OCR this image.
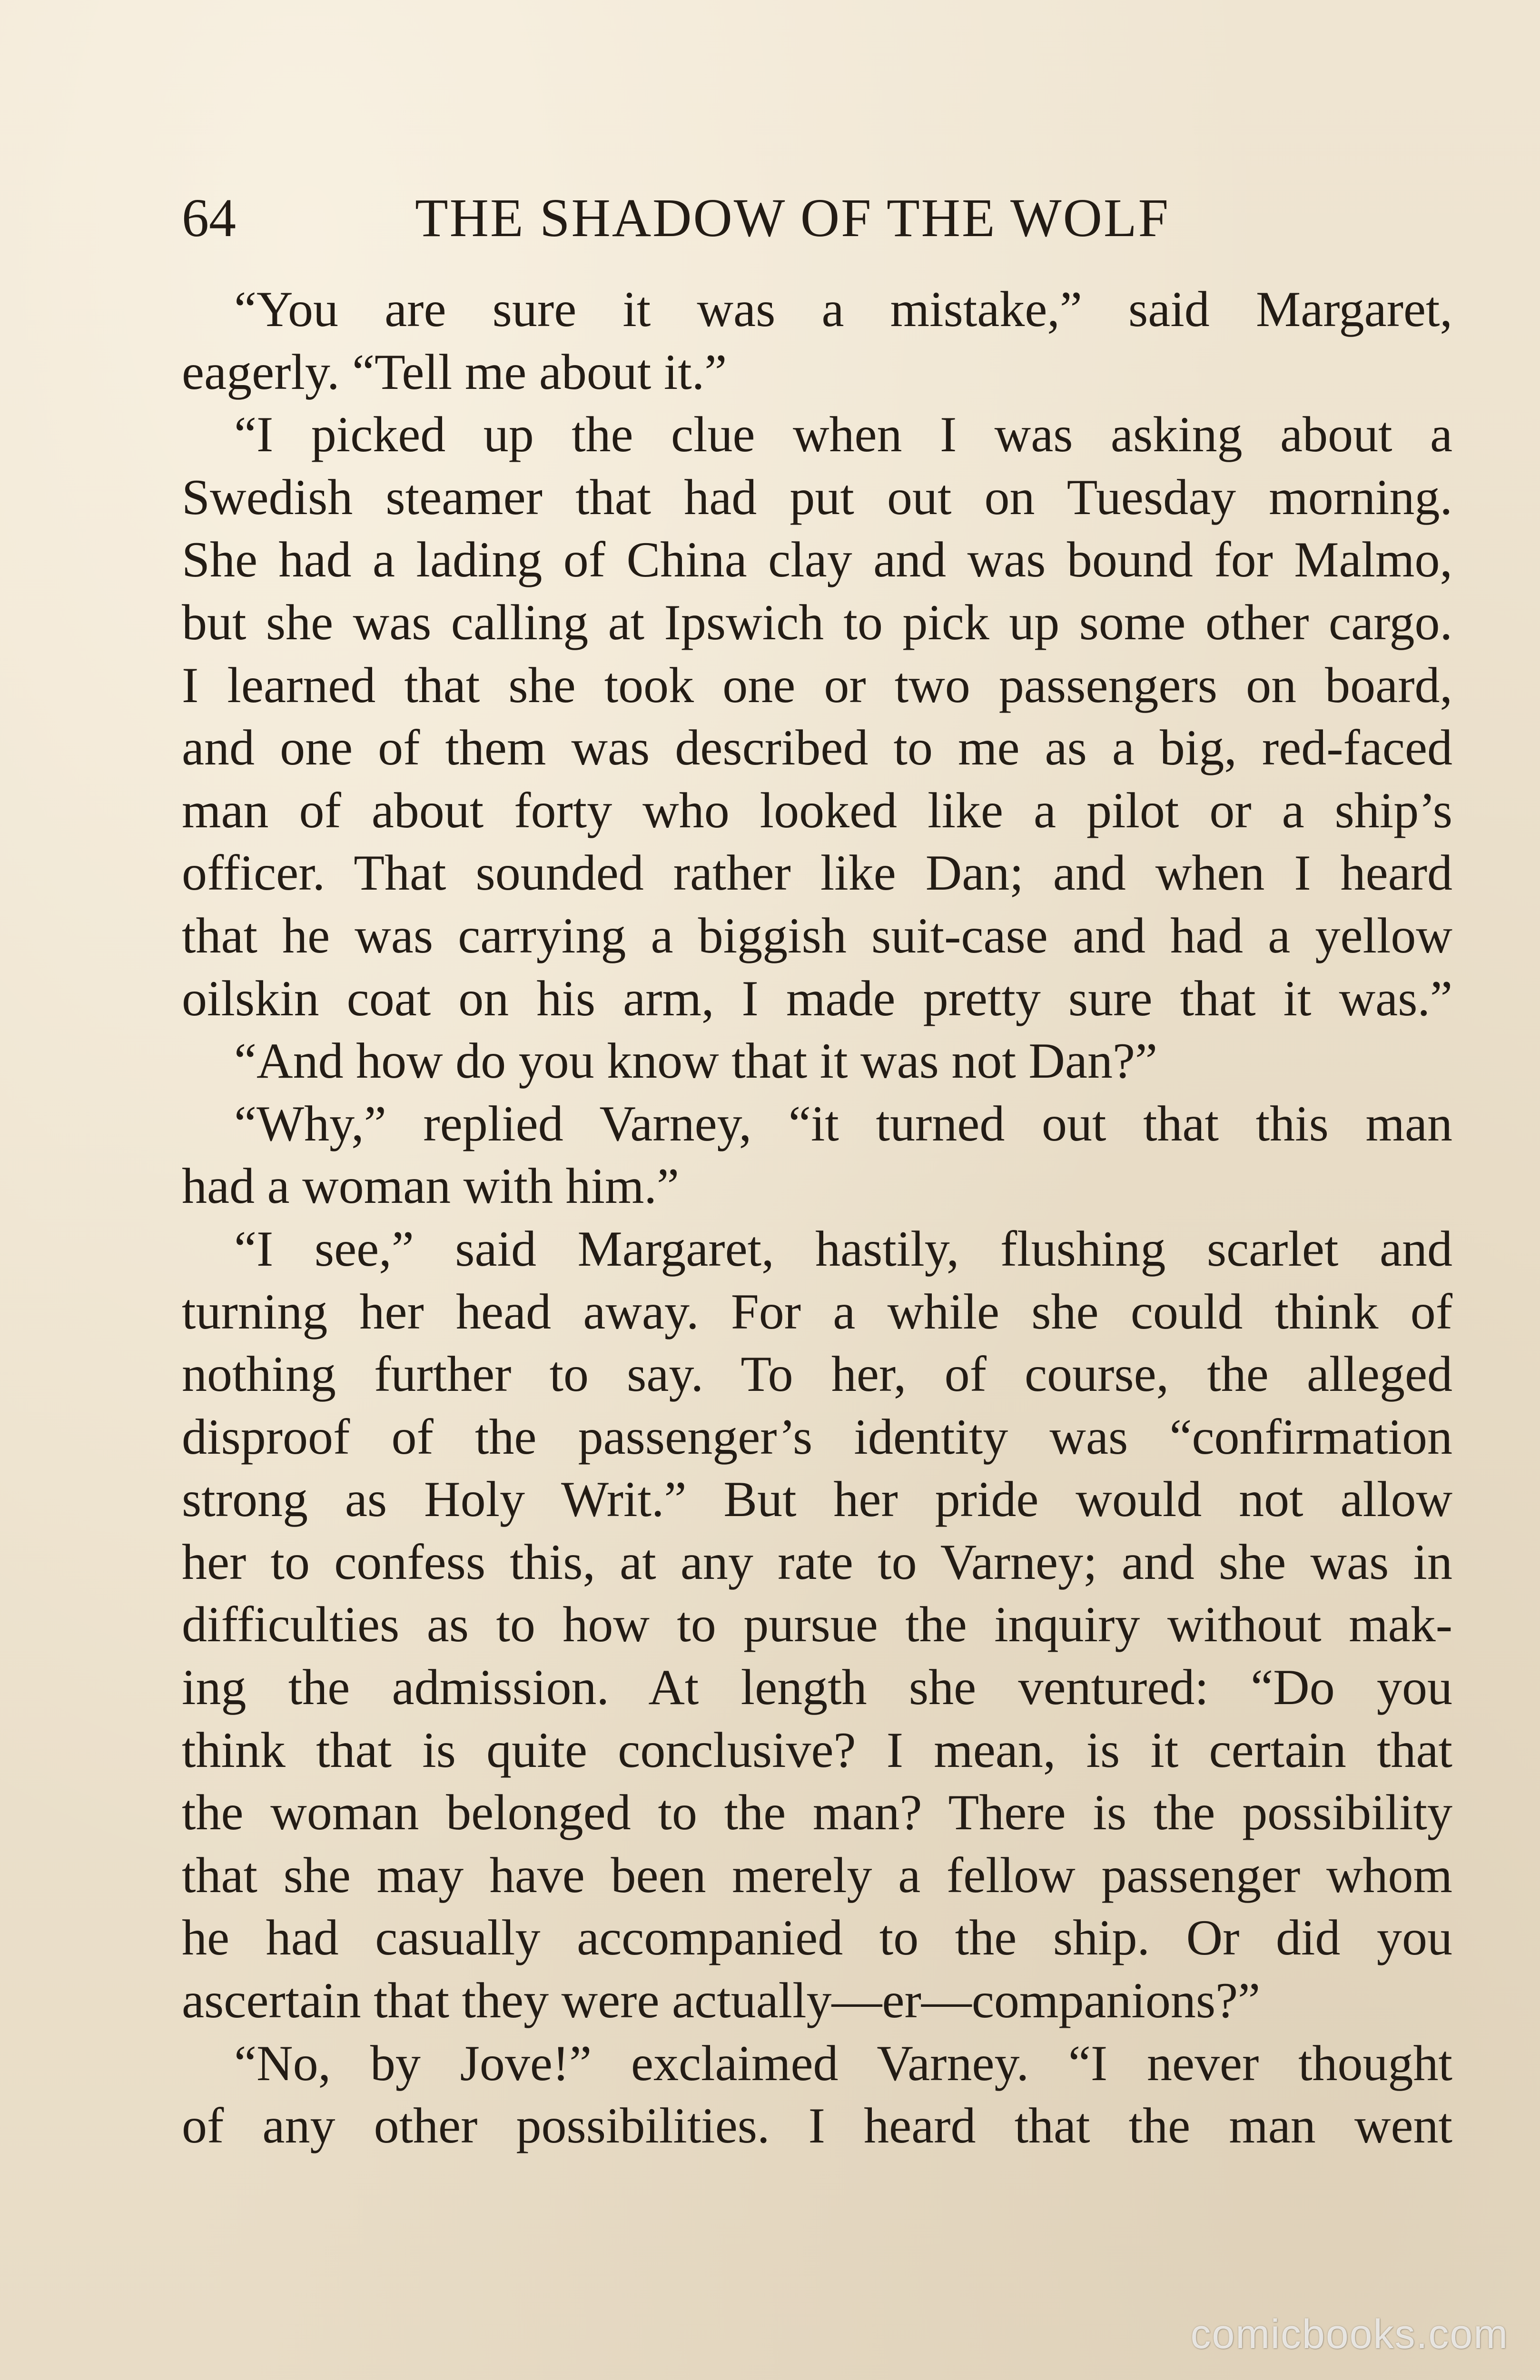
64	THE SHADOW OF THE WOLF
“You are sure it was a mistake,” said Margaret,
eagerly. “Tell me about it.”
“I picked up the clue when I was asking about a
Swedish steamer that had put out on Tuesday morning.
She had a lading of China clay and was bound for Malmo,
but she was calling at Ipswich to pick up some other cargo.
I learned that she took one or two passengers on board,
and one of them was described to me as a big, red-faced
man of about forty who looked like a pilot or a ship’s
officer. That sounded rather like Dan; and when I heard
that he was carrying a biggish suit-case and had a yellow
oilskin coat on his arm, I made pretty sure that it was.”
“And how do you know that it was not Dan?”
“Why,” replied Varney, “it turned out that this man
had a woman with him.”
“I see,” said Margaret, hastily, flushing scarlet and
turning her head away. For a while she could think of
nothing further to say. To her, of course, the alleged
disproof of the passenger’s identity was “confirmation
strong as Holy Writ.” But her pride would not allow
her to confess this, at any rate to Varney; and she was in
difficulties as to how to pursue the inquiry without mak-
ing the admission. At length she ventured: “Do you
think that is quite conclusive? I mean, is it certain that
the woman belonged to the man? There is the possibility
that she may have been merely a fellow passenger whom
he had casually accompanied to the ship. Or did you
ascertain that they were actually—er—companions?”
“No, by Jove!” exclaimed Varney. “I never thought
of any other possibilities. I heard that the man went
comicbooks.com
